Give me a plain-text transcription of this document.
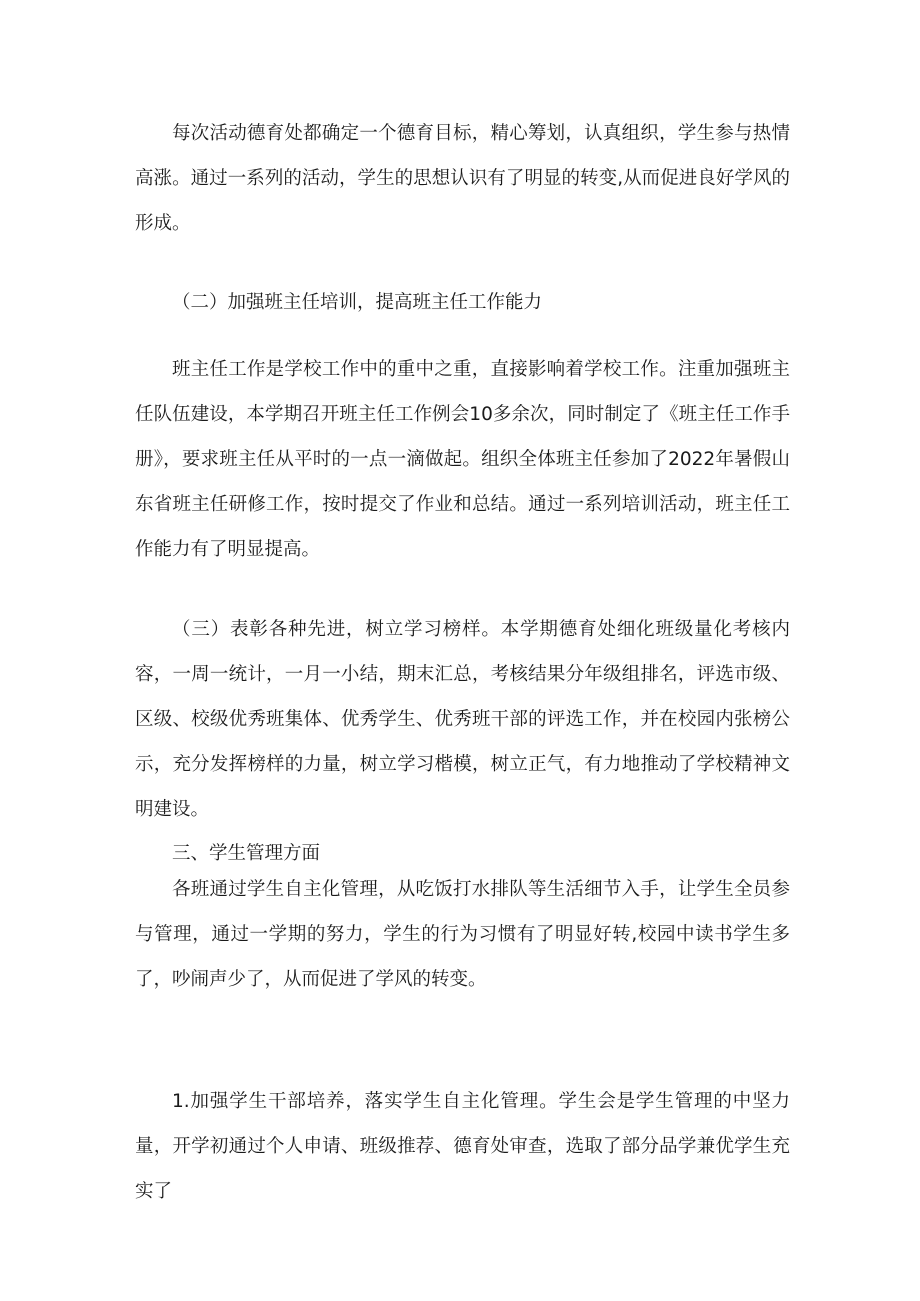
每次活动德育处都确定一个德育目标，精心筹划，认真组织，学生参与热情高涨。通过一系列的活动，学生的思想认识有了明显的转变,从而促进良好学风的形成。

（二）加强班主任培训，提高班主任工作能力

班主任工作是学校工作中的重中之重，直接影响着学校工作。注重加强班主任队伍建设，本学期召开班主任工作例会10多余次，同时制定了《班主任工作手册》，要求班主任从平时的一点一滴做起。组织全体班主任参加了2022年暑假山东省班主任研修工作，按时提交了作业和总结。通过一系列培训活动，班主任工作能力有了明显提高。

（三）表彰各种先进，树立学习榜样。本学期德育处细化班级量化考核内容，一周一统计，一月一小结，期末汇总，考核结果分年级组排名，评选市级、区级、校级优秀班集体、优秀学生、优秀班干部的评选工作，并在校园内张榜公示，充分发挥榜样的力量，树立学习楷模，树立正气，有力地推动了学校精神文明建设。

三、学生管理方面

各班通过学生自主化管理，从吃饭打水排队等生活细节入手，让学生全员参与管理，通过一学期的努力，学生的行为习惯有了明显好转,校园中读书学生多了，吵闹声少了，从而促进了学风的转变。

1.加强学生干部培养，落实学生自主化管理。学生会是学生管理的中坚力量，开学初通过个人申请、班级推荐、德育处审查，选取了部分品学兼优学生充实了
